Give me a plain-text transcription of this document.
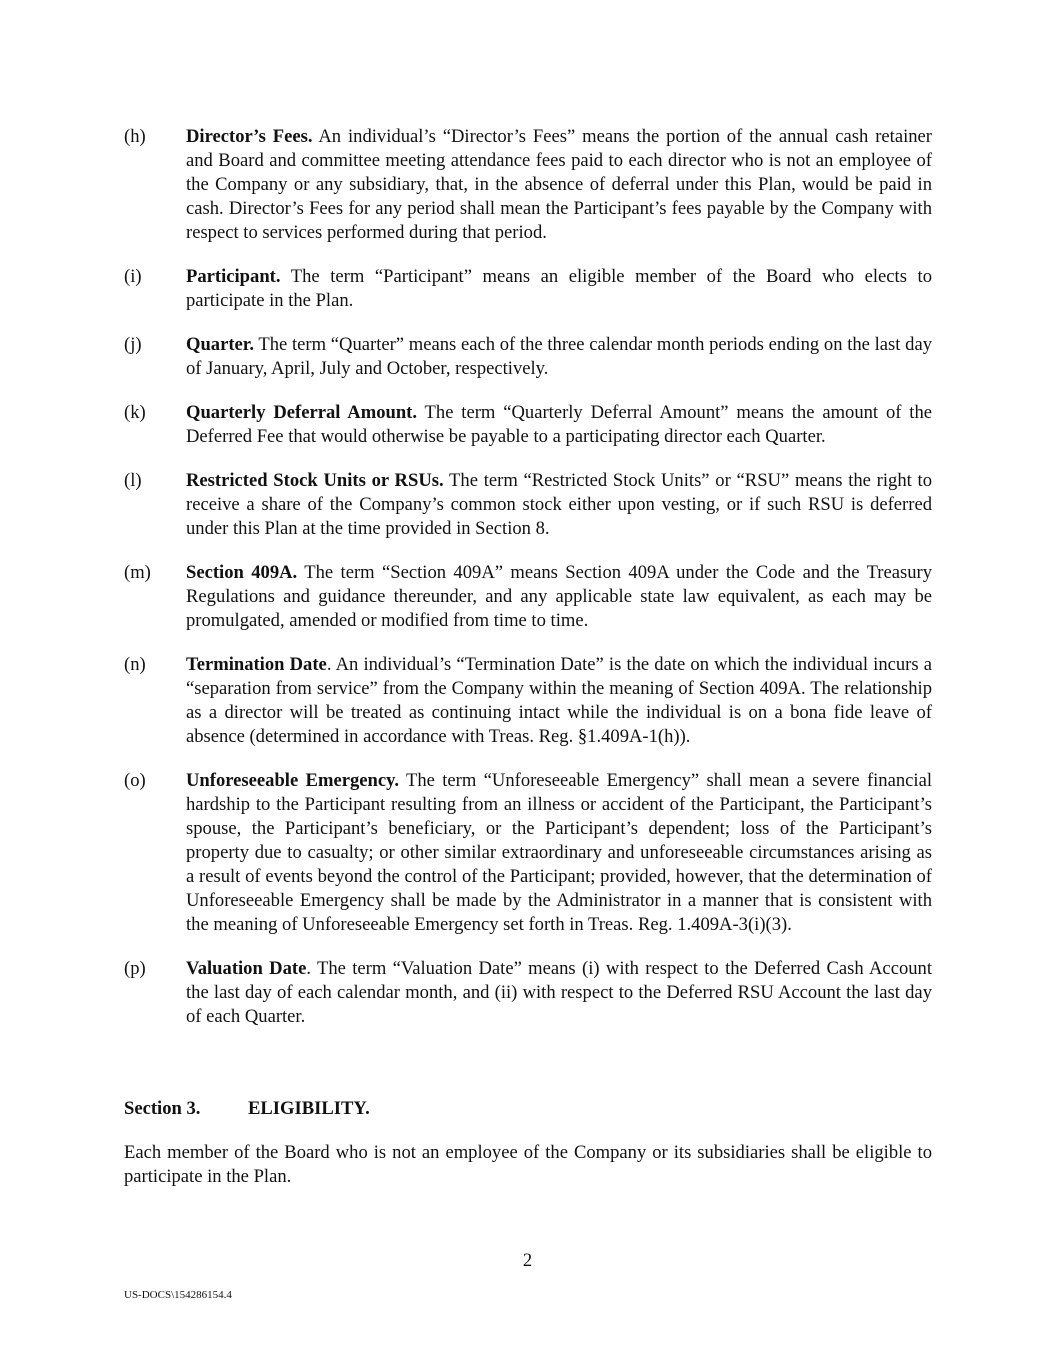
(h)	Director’s Fees. An individual’s “Director’s Fees” means the portion of the annual cash retainer and Board and committee meeting attendance fees paid to each director who is not an employee of the Company or any subsidiary, that, in the absence of deferral under this Plan, would be paid in cash. Director’s Fees for any period shall mean the Participant’s fees payable by the Company with respect to services performed during that period.
(i)	Participant. The term “Participant” means an eligible member of the Board who elects to participate in the Plan.
(j)	Quarter. The term “Quarter” means each of the three calendar month periods ending on the last day of January, April, July and October, respectively.
(k)	Quarterly Deferral Amount. The term “Quarterly Deferral Amount” means the amount of the Deferred Fee that would otherwise be payable to a participating director each Quarter.
(l)	Restricted Stock Units or RSUs. The term “Restricted Stock Units” or “RSU” means the right to receive a share of the Company’s common stock either upon vesting, or if such RSU is deferred under this Plan at the time provided in Section 8.
(m)	Section 409A. The term “Section 409A” means Section 409A under the Code and the Treasury Regulations and guidance thereunder, and any applicable state law equivalent, as each may be promulgated, amended or modified from time to time.
(n)	Termination Date. An individual’s “Termination Date” is the date on which the individual incurs a “separation from service” from the Company within the meaning of Section 409A. The relationship as a director will be treated as continuing intact while the individual is on a bona fide leave of absence (determined in accordance with Treas. Reg. §1.409A-1(h)).
(o)	Unforeseeable Emergency. The term “Unforeseeable Emergency” shall mean a severe financial hardship to the Participant resulting from an illness or accident of the Participant, the Participant’s spouse, the Participant’s beneficiary, or the Participant’s dependent; loss of the Participant’s property due to casualty; or other similar extraordinary and unforeseeable circumstances arising as a result of events beyond the control of the Participant; provided, however, that the determination of Unforeseeable Emergency shall be made by the Administrator in a manner that is consistent with the meaning of Unforeseeable Emergency set forth in Treas. Reg. 1.409A-3(i)(3).
(p)	Valuation Date. The term “Valuation Date” means (i) with respect to the Deferred Cash Account the last day of each calendar month, and (ii) with respect to the Deferred RSU Account the last day of each Quarter.
Section 3.	ELIGIBILITY.
Each member of the Board who is not an employee of the Company or its subsidiaries shall be eligible to participate in the Plan.
2
US-DOCS\154286154.4
